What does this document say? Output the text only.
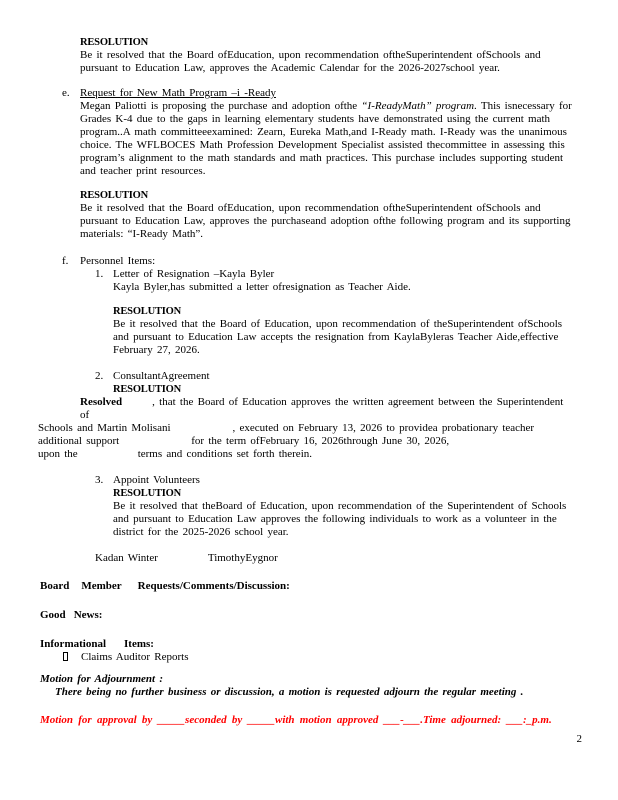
RESOLUTION
Be it resolved that the Board ofEducation, upon recommendation oftheSuperintendent ofSchools and pursuant to Education Law, approves the Academic Calendar for the 2026-2027school year.
e. Request for New Math Program –i -Ready
Megan Paliotti is proposing the purchase and adoption ofthe “I-ReadyMath” program. This isnecessary for Grades K-4 due to the gaps in learning elementary students have demonstrated using the current math program..A math committeeexamined: Zearn, Eureka Math,and I-Ready math. I-Ready was the unanimous choice. The WFLBOCES Math Profession Development Specialist assisted thecommittee in assessing this program’s alignment to the math standards and math practices. This purchase includes supporting student and teacher print resources.
RESOLUTION
Be it resolved that the Board ofEducation, upon recommendation oftheSuperintendent ofSchools and pursuant to Education Law, approves the purchaseand adoption ofthe following program and its supporting materials: “I-Ready Math”.
f.	Personnel Items:
1. Letter of Resignation –Kayla Byler
Kayla Byler,has submitted a letter ofresignation as Teacher Aide.
RESOLUTION
Be it resolved that the Board of Education, upon recommendation of theSuperintendent ofSchools and pursuant to Education Law accepts the resignation from KaylaByleras Teacher Aide,effective February 27, 2026.
2. ConsultantAgreement
RESOLUTION
Resolved	, that the Board of Education approves the written agreement between the Superintendent of
Schools and Martin Molisani	, executed on February 13, 2026 to providea probationary teacher
additional support	for the term ofFebruary 16, 2026through June 30, 2026,
upon the	terms and conditions set forth therein.
3. Appoint Volunteers
RESOLUTION
Be it resolved that theBoard of Education, upon recommendation of the Superintendent of Schools and pursuant to Education Law approves the following individuals to work as a volunteer in the district for the 2025-2026 school year.
Kadan Winter	TimothyEygnor
Board Member Requests/Comments/Discussion:
Good News:
Informational Items:
Claims Auditor Reports
Motion for Adjournment :
There being no further business or discussion, a motion is requested adjourn the regular meeting .
Motion for approval by _____seconded by _____with motion approved ___-___.Time adjourned: ___:_p.m.
2
